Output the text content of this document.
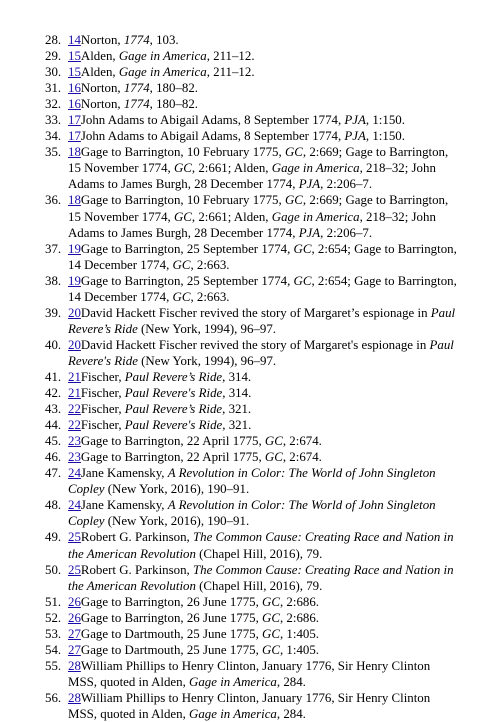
28. 14Norton, 1774, 103.
29. 15Alden, Gage in America, 211–12.
30. 15Alden, Gage in America, 211–12.
31. 16Norton, 1774, 180–82.
32. 16Norton, 1774, 180–82.
33. 17John Adams to Abigail Adams, 8 September 1774, PJA, 1:150.
34. 17John Adams to Abigail Adams, 8 September 1774, PJA, 1:150.
35. 18Gage to Barrington, 10 February 1775, GC, 2:669; Gage to Barrington, 15 November 1774, GC, 2:661; Alden, Gage in America, 218–32; John Adams to James Burgh, 28 December 1774, PJA, 2:206–7.
36. 18Gage to Barrington, 10 February 1775, GC, 2:669; Gage to Barrington, 15 November 1774, GC, 2:661; Alden, Gage in America, 218–32; John Adams to James Burgh, 28 December 1774, PJA, 2:206–7.
37. 19Gage to Barrington, 25 September 1774, GC, 2:654; Gage to Barrington, 14 December 1774, GC, 2:663.
38. 19Gage to Barrington, 25 September 1774, GC, 2:654; Gage to Barrington, 14 December 1774, GC, 2:663.
39. 20David Hackett Fischer revived the story of Margaret’s espionage in Paul Revere’s Ride (New York, 1994), 96–97.
40. 20David Hackett Fischer revived the story of Margaret's espionage in Paul Revere's Ride (New York, 1994), 96–97.
41. 21Fischer, Paul Revere’s Ride, 314.
42. 21Fischer, Paul Revere's Ride, 314.
43. 22Fischer, Paul Revere’s Ride, 321.
44. 22Fischer, Paul Revere's Ride, 321.
45. 23Gage to Barrington, 22 April 1775, GC, 2:674.
46. 23Gage to Barrington, 22 April 1775, GC, 2:674.
47. 24Jane Kamensky, A Revolution in Color: The World of John Singleton Copley (New York, 2016), 190–91.
48. 24Jane Kamensky, A Revolution in Color: The World of John Singleton Copley (New York, 2016), 190–91.
49. 25Robert G. Parkinson, The Common Cause: Creating Race and Nation in the American Revolution (Chapel Hill, 2016), 79.
50. 25Robert G. Parkinson, The Common Cause: Creating Race and Nation in the American Revolution (Chapel Hill, 2016), 79.
51. 26Gage to Barrington, 26 June 1775, GC, 2:686.
52. 26Gage to Barrington, 26 June 1775, GC, 2:686.
53. 27Gage to Dartmouth, 25 June 1775, GC, 1:405.
54. 27Gage to Dartmouth, 25 June 1775, GC, 1:405.
55. 28William Phillips to Henry Clinton, January 1776, Sir Henry Clinton MSS, quoted in Alden, Gage in America, 284.
56. 28William Phillips to Henry Clinton, January 1776, Sir Henry Clinton MSS, quoted in Alden, Gage in America, 284.
